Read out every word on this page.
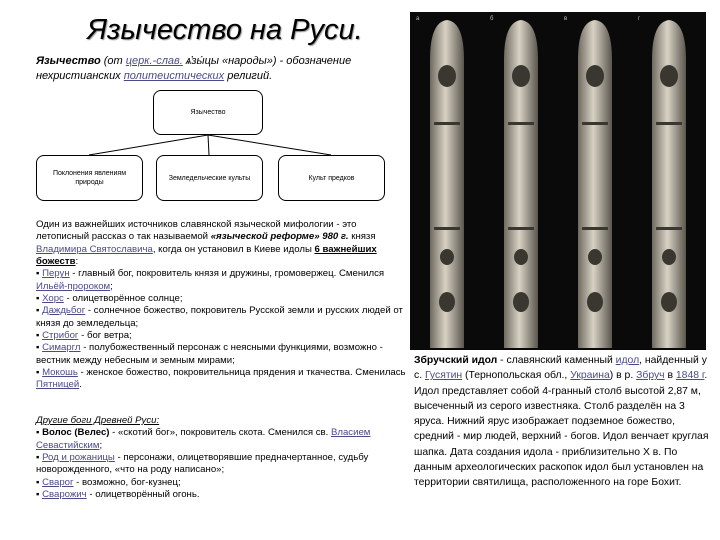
Язычество на Руси.
Язычество (от церк.-слав. ѧ҆зы́цы «народы») - обозначение нехристианских политеистических религий.
Язычество
Поклонения явлениям природы
Земледельческие культы	Культ предков

Один из важнейших источников славянской языческой мифологии - это летописный рассказ о так называемой «языческой реформе» 980 г. князя Владимира Святославича, когда он установил в Киеве идолы 6 важнейших божеств:

▪ Перун - главный бог, покровитель князя и дружины, громовержец. Сменился Ильёй-пророком;

▪ Хорс - олицетворённое солнце;

▪ Даждьбог - солнечное божество, покровитель Русской земли и русских людей от князя до земледельца;

▪ Стрибог - бог ветра;

▪ Симаргл - полубожественный персонаж с неясными функциями, возможно - вестник между небесным и земным мирами;

▪ Мокошь - женское божество, покровительница прядения и ткачества. Сменилась Пятницей.

Другие боги Древней Руси:

▪ Волос (Велес) - «скотий бог», покровитель скота. Сменился св. Власием Севастийским;

▪ Род и рожаницы - персонажи, олицетворявшие предначертанное, судьбу новорожденного, «что на роду написано»;

▪ Сварог - возможно, бог-кузнец;

▪ Сварожич - олицетворённый огонь.

а	б	в	г
Збручский идол - славянский каменный идол, найденный у с. Гусятин (Тернопольская обл., Украина) в р. Збруч в 1848 г. Идол представляет собой 4-гранный столб высотой 2,87 м, высеченный из серого известняка. Столб разделён на 3 яруса. Нижний ярус изображает подземное божество, средний - мир людей, верхний - богов. Идол венчает круглая шапка. Дата создания идола - приблизительно X в. По данным археологических раскопок идол был установлен на территории святилища, расположенного на горе Бохит.
